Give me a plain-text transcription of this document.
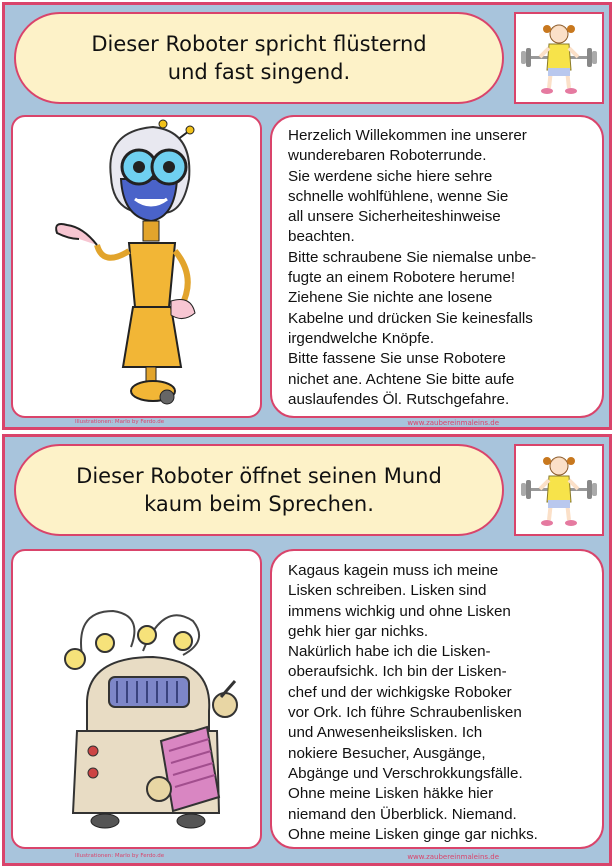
Dieser Roboter spricht flüsternd
und fast singend.
Herzelich Willekommen ine unserer
wunderebaren Roboterrunde.
Sie werdene siche hiere sehre
schnelle wohlfühlene, wenne Sie
all unsere Sicherheiteshinweise
beachten.
Bitte schraubene Sie niemalse unbe-
fugte an einem Robotere herume!
Ziehene Sie nichte ane losene
Kabelne und drücken Sie keinesfalls
irgendwelche Knöpfe.
Bitte fassene Sie unse Robotere
nichet ane. Achtene Sie bitte aufe
auslaufendes Öl. Rutschgefahre.
Illustrationen: Marlo by Ferdo.de	www.zaubereinmaleins.de
Dieser Roboter öffnet seinen Mund
kaum beim Sprechen.
Kagaus kagein muss ich meine
Lisken schreiben. Lisken sind
immens wichkig und ohne Lisken
gehk hier gar nichks.
Nakürlich habe ich die Lisken-
oberaufsichk. Ich bin der Lisken-
chef und der wichkigske Roboker
vor Ork. Ich führe Schraubenlisken
und Anwesenheikslisken. Ich
nokiere Besucher, Ausgänge,
Abgänge und Verschrokkungsfälle.
Ohne meine Lisken häkke hier
niemand den Überblick. Niemand.
Ohne meine Lisken ginge gar nichks.
Illustrationen: Marlo by Ferdo.de	www.zaubereinmaleins.de
